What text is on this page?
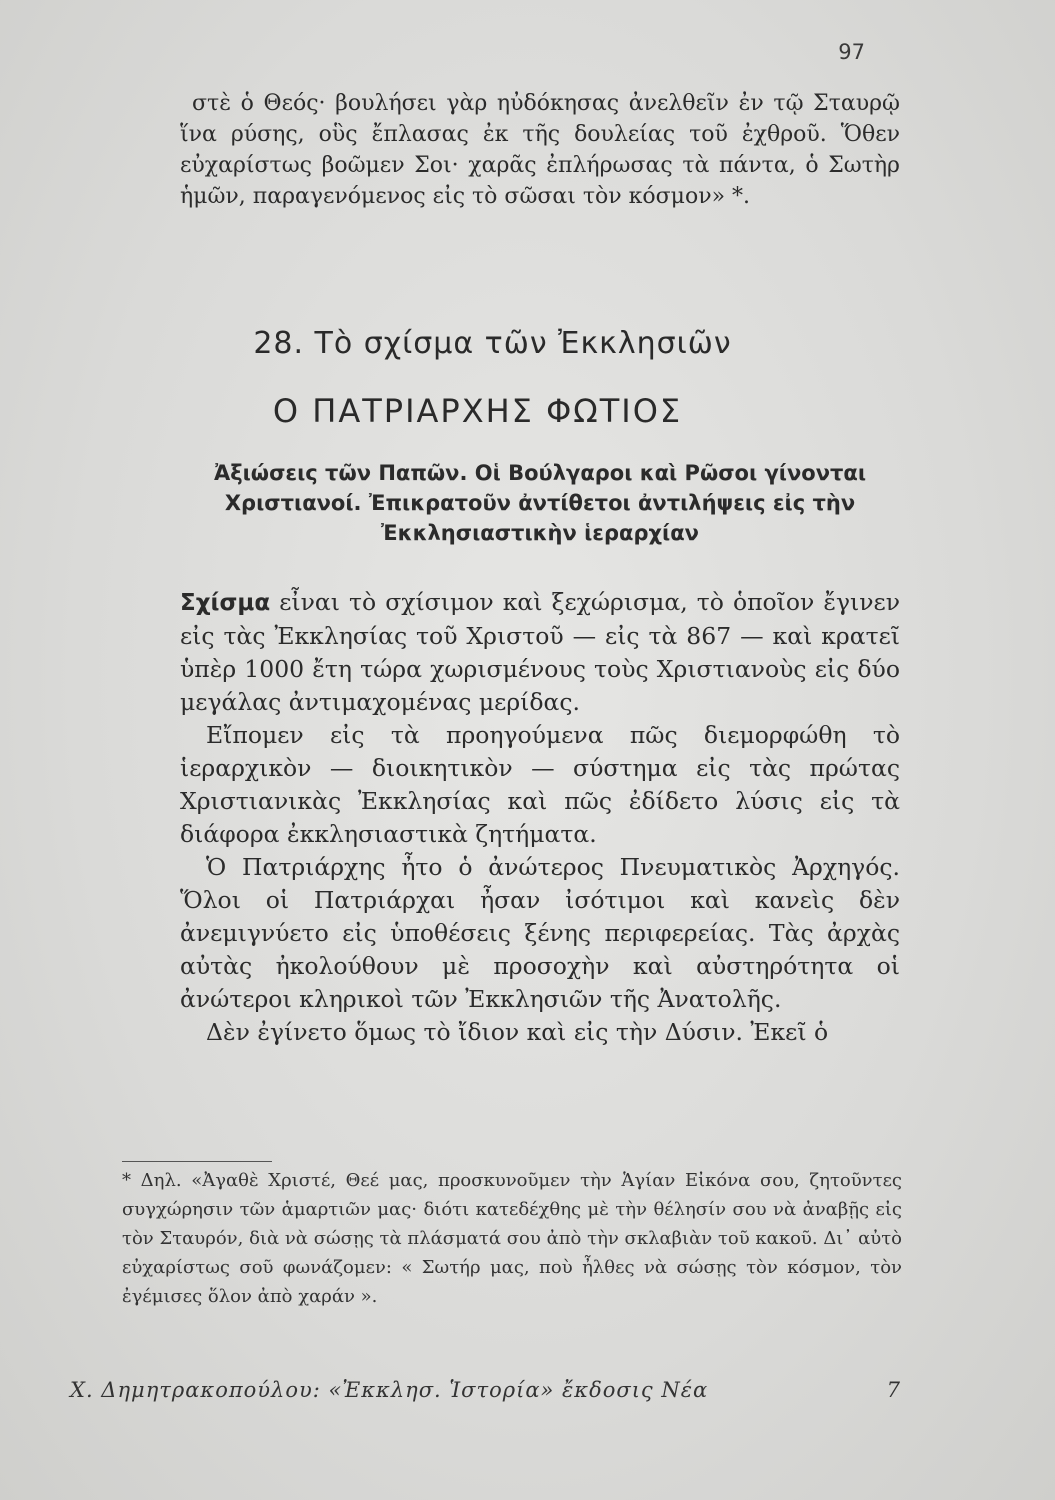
97

στὲ ὁ Θεός· βουλήσει γὰρ ηὐδόκησας ἀνελθεῖν ἐν τῷ Σταυρῷ ἵνα ρύσης, οὓς ἔπλασας ἐκ τῆς δουλείας τοῦ ἐχθροῦ. Ὅθεν εὐχαρίστως βοῶμεν Σοι· χαρᾶς ἐπλήρωσας τὰ πάντα, ὁ Σωτὴρ ἡμῶν, παραγενόμενος εἰς τὸ σῶσαι τὸν κόσμον» *.

28. Τὸ σχίσμα τῶν Ἐκκλησιῶν
Ο ΠΑΤΡΙΑΡΧΗΣ ΦΩΤΙΟΣ
Ἀξιώσεις τῶν Παπῶν. Οἱ Βούλγαροι καὶ Ρῶσοι γίνονται Χριστιανοί. Ἐπικρατοῦν ἀντίθετοι ἀντιλήψεις εἰς τὴν Ἐκκλησιαστικὴν ἱεραρχίαν

Σχίσμα εἶναι τὸ σχίσιμον καὶ ξεχώρισμα, τὸ ὁποῖον ἔγινεν εἰς τὰς Ἐκκλησίας τοῦ Χριστοῦ — εἰς τὰ 867 — καὶ κρατεῖ ὑπὲρ 1000 ἔτη τώρα χωρισμένους τοὺς Χριστιανοὺς εἰς δύο μεγάλας ἀντιμαχομένας μερίδας.

Εἴπομεν εἰς τὰ προηγούμενα πῶς διεμορφώθη τὸ ἱεραρχικὸν — διοικητικὸν — σύστημα εἰς τὰς πρώτας Χριστιανικὰς Ἐκκλησίας καὶ πῶς ἐδίδετο λύσις εἰς τὰ διάφορα ἐκκλησιαστικὰ ζητήματα.

Ὁ Πατριάρχης ἦτο ὁ ἀνώτερος Πνευματικὸς Ἀρχηγός. Ὅλοι οἱ Πατριάρχαι ἦσαν ἰσότιμοι καὶ κανεὶς δὲν ἀνεμιγνύετο εἰς ὑποθέσεις ξένης περιφερείας. Τὰς ἀρχὰς αὐτὰς ἠκολούθουν μὲ προσοχὴν καὶ αὐστηρότητα οἱ ἀνώτεροι κληρικοὶ τῶν Ἐκκλησιῶν τῆς Ἀνατολῆς.

Δὲν ἐγίνετο ὅμως τὸ ἴδιον καὶ εἰς τὴν Δύσιν. Ἐκεῖ ὁ

* Δηλ. «Ἀγαθὲ Χριστέ, Θεέ μας, προσκυνοῦμεν τὴν Ἁγίαν Εἰκόνα σου, ζητοῦντες συγχώρησιν τῶν ἁμαρτιῶν μας· διότι κατεδέχθης μὲ τὴν θέλησίν σου νὰ ἀναβῇς εἰς τὸν Σταυρόν, διὰ νὰ σώσῃς τὰ πλάσματά σου ἀπὸ τὴν σκλαβιὰν τοῦ κακοῦ. Δι᾽ αὐτὸ εὐχαρίστως σοῦ φωνάζομεν: « Σωτήρ μας, ποὺ ἦλθες νὰ σώσῃς τὸν κόσμον, τὸν ἐγέμισες ὅλον ἀπὸ χαράν ».

Χ. Δημητρακοπούλου: «Ἐκκλησ. Ἱστορία» ἔκδοσις Νέα	7
